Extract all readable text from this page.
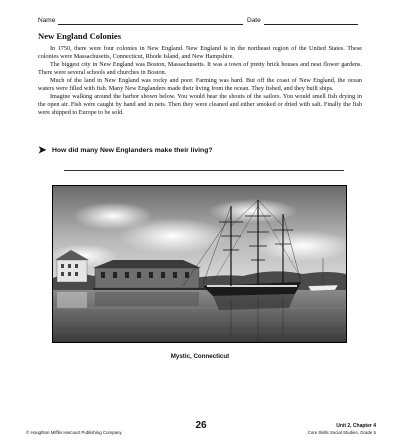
Name	Date
New England Colonies

In 1750, there were four colonies in New England. New England is in the northeast region of the United States. These colonies were Massachusetts, Connecticut, Rhode Island, and New Hampshire.

The biggest city in New England was Boston, Massachusetts. It was a town of pretty brick houses and neat flower gardens. There were several schools and churches in Boston.

Much of the land in New England was rocky and poor. Farming was hard. But off the coast of New England, the ocean waters were filled with fish. Many New Englanders made their living from the ocean. They fished, and they built ships.

Imagine walking around the harbor shown below. You would hear the shouts of the sailors. You would smell fish drying in the open air. Fish were caught by hand and in nets. Then they were cleaned and either smoked or dried with salt. Finally the fish were shipped to Europe to be sold.

➤ How did many New Englanders make their living?
Mystic, Connecticut
26
© Houghton Mifflin Harcourt Publishing Company
Unit 2, Chapter 4
Core Skills Social Studies, Grade 5
